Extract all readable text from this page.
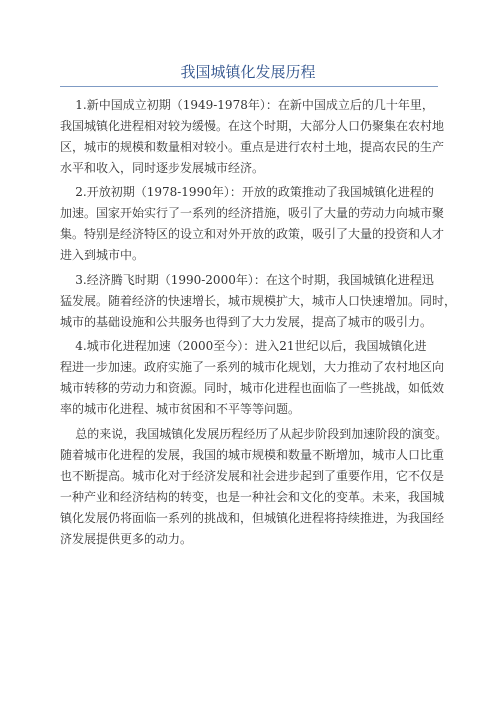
我国城镇化发展历程
1.新中国成立初期（1949-1978年）：在新中国成立后的几十年里，
我国城镇化进程相对较为缓慢。在这个时期，大部分人口仍聚集在农村地
区，城市的规模和数量相对较小。重点是进行农村土地，提高农民的生产
水平和收入，同时逐步发展城市经济。
2.开放初期（1978-1990年）：开放的政策推动了我国城镇化进程的
加速。国家开始实行了一系列的经济措施，吸引了大量的劳动力向城市聚
集。特别是经济特区的设立和对外开放的政策，吸引了大量的投资和人才
进入到城市中。
3.经济腾飞时期（1990-2000年）：在这个时期，我国城镇化进程迅
猛发展。随着经济的快速增长，城市规模扩大，城市人口快速增加。同时，
城市的基础设施和公共服务也得到了大力发展，提高了城市的吸引力。
4.城市化进程加速（2000至今）：进入21世纪以后，我国城镇化进
程进一步加速。政府实施了一系列的城市化规划，大力推动了农村地区向
城市转移的劳动力和资源。同时，城市化进程也面临了一些挑战，如低效
率的城市化进程、城市贫困和不平等等问题。
总的来说，我国城镇化发展历程经历了从起步阶段到加速阶段的演变。
随着城市化进程的发展，我国的城市规模和数量不断增加，城市人口比重
也不断提高。城市化对于经济发展和社会进步起到了重要作用，它不仅是
一种产业和经济结构的转变，也是一种社会和文化的变革。未来，我国城
镇化发展仍将面临一系列的挑战和，但城镇化进程将持续推进，为我国经
济发展提供更多的动力。
